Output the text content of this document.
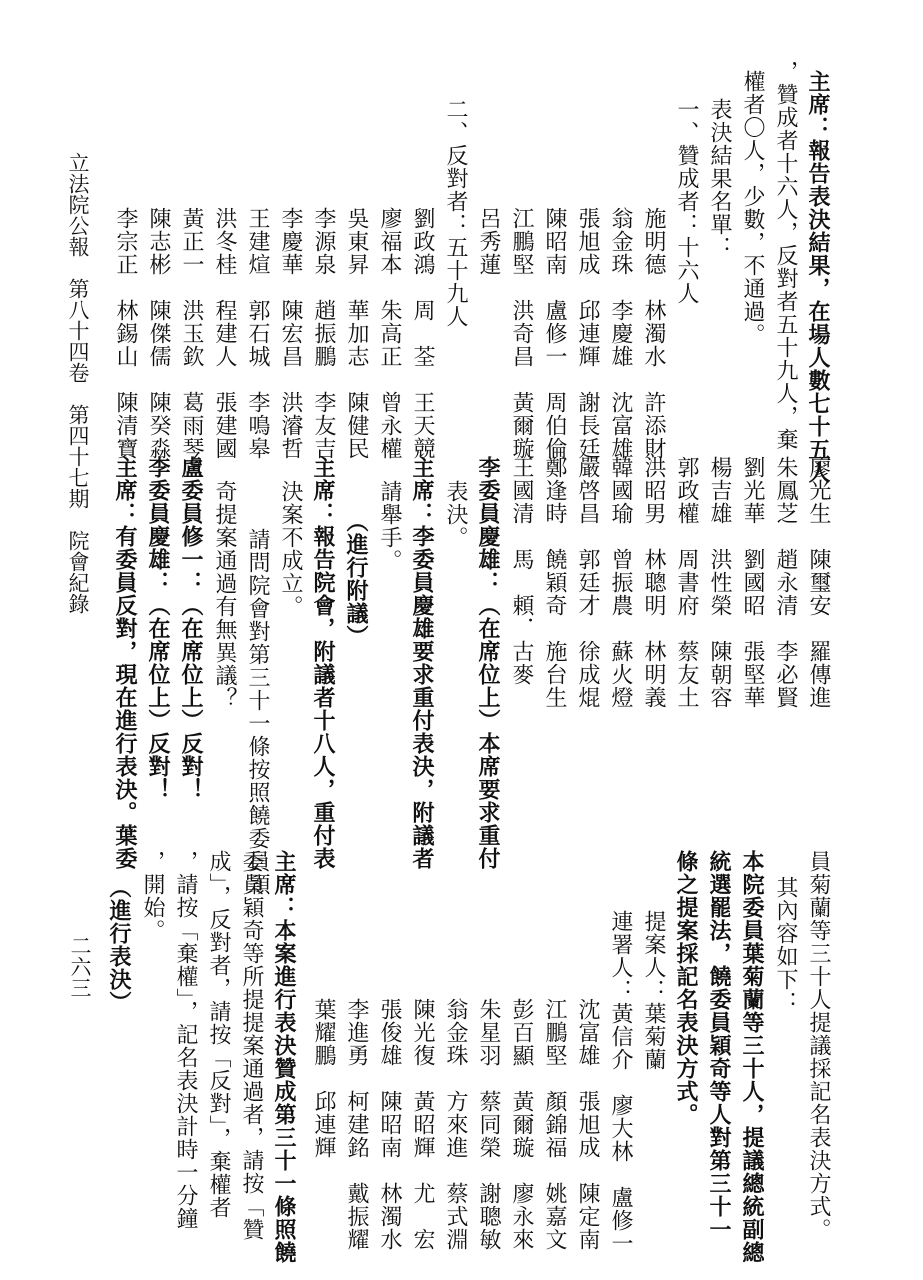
主席：報告表決結果，在場人數七十五人
，贊成者十六人，反對者五十九人，棄
權者〇人，少數，不通過。
表決結果名單：
一、贊成者：十六人
施明德　林濁水　許添財
翁金珠　李慶雄　沈富雄
張旭成　邱連輝　謝長廷
陳昭南　盧修一　周伯倫
江鵬堅　洪奇昌　黃爾璇
呂秀蓮
二、反對者：五十九人
劉政鴻　周　荃　王天競
廖福本　朱高正　曾永權
吳東昇　華加志　陳健民
李源泉　趙振鵬　李友吉
李慶華　陳宏昌　洪濬哲
王建煊　郭石城　李鳴皋
洪冬桂　程建人　張建國
黃正一　洪玉欽　葛雨琴
陳志彬　陳傑儒　陳癸淼
李宗正　林錫山　陳清寶
員菊蘭等三十人提議採記名表決方式。
其內容如下：
本院委員葉菊蘭等三十人，提議總統副總
統選罷法，饒委員穎奇等人對第三十一
條之提案採記名表決方式。
提案人：葉菊蘭
連署人：黃信介　廖大林　盧修一
沈富雄　張旭成　陳定南
江鵬堅　顏錦福　姚嘉文
彭百顯　黃爾璇　廖永來
朱星羽　蔡同榮　謝聰敏
翁金珠　方來進　蔡式淵
陳光復　黃昭輝　尤　宏
張俊雄　陳昭南　林濁水
李進勇　柯建銘　戴振耀
葉耀鵬　邱連輝
主席：本案進行表決贊成第三十一條照饒
委員穎奇等所提提案通過者，請按「贊
成」，反對者，請按「反對」，棄權者
，請按「棄權」，記名表決計時一分鐘
，開始。
（進行表決）
廖光生　陳璽安　羅傳進
朱鳳芝　趙永清　李必賢
劉光華　劉國昭　張堅華
楊吉雄　洪性榮　陳朝容
郭政權　周書府　蔡友土
洪昭男　林聰明　林明義
韓國瑜　曾振農　蘇火燈
嚴啓昌　郭廷才　徐成焜
鄭逢時　饒穎奇　施台生
王國清　馬　頼．古麥
李委員慶雄：（在席位上）本席要求重付
表決。
主席：李委員慶雄要求重付表決，附議者
請舉手。
（進行附議）
主席：報告院會，附議者十八人，重付表
決案不成立。
請問院會對第三十一條按照饒委員穎
奇提案通過有無異議？
盧委員修一：（在席位上）反對！
李委員慶雄：（在席位上）反對！
主席：有委員反對，現在進行表決。葉委
立法院公報　第八十四卷　第四十七期　院會紀錄
二六三
